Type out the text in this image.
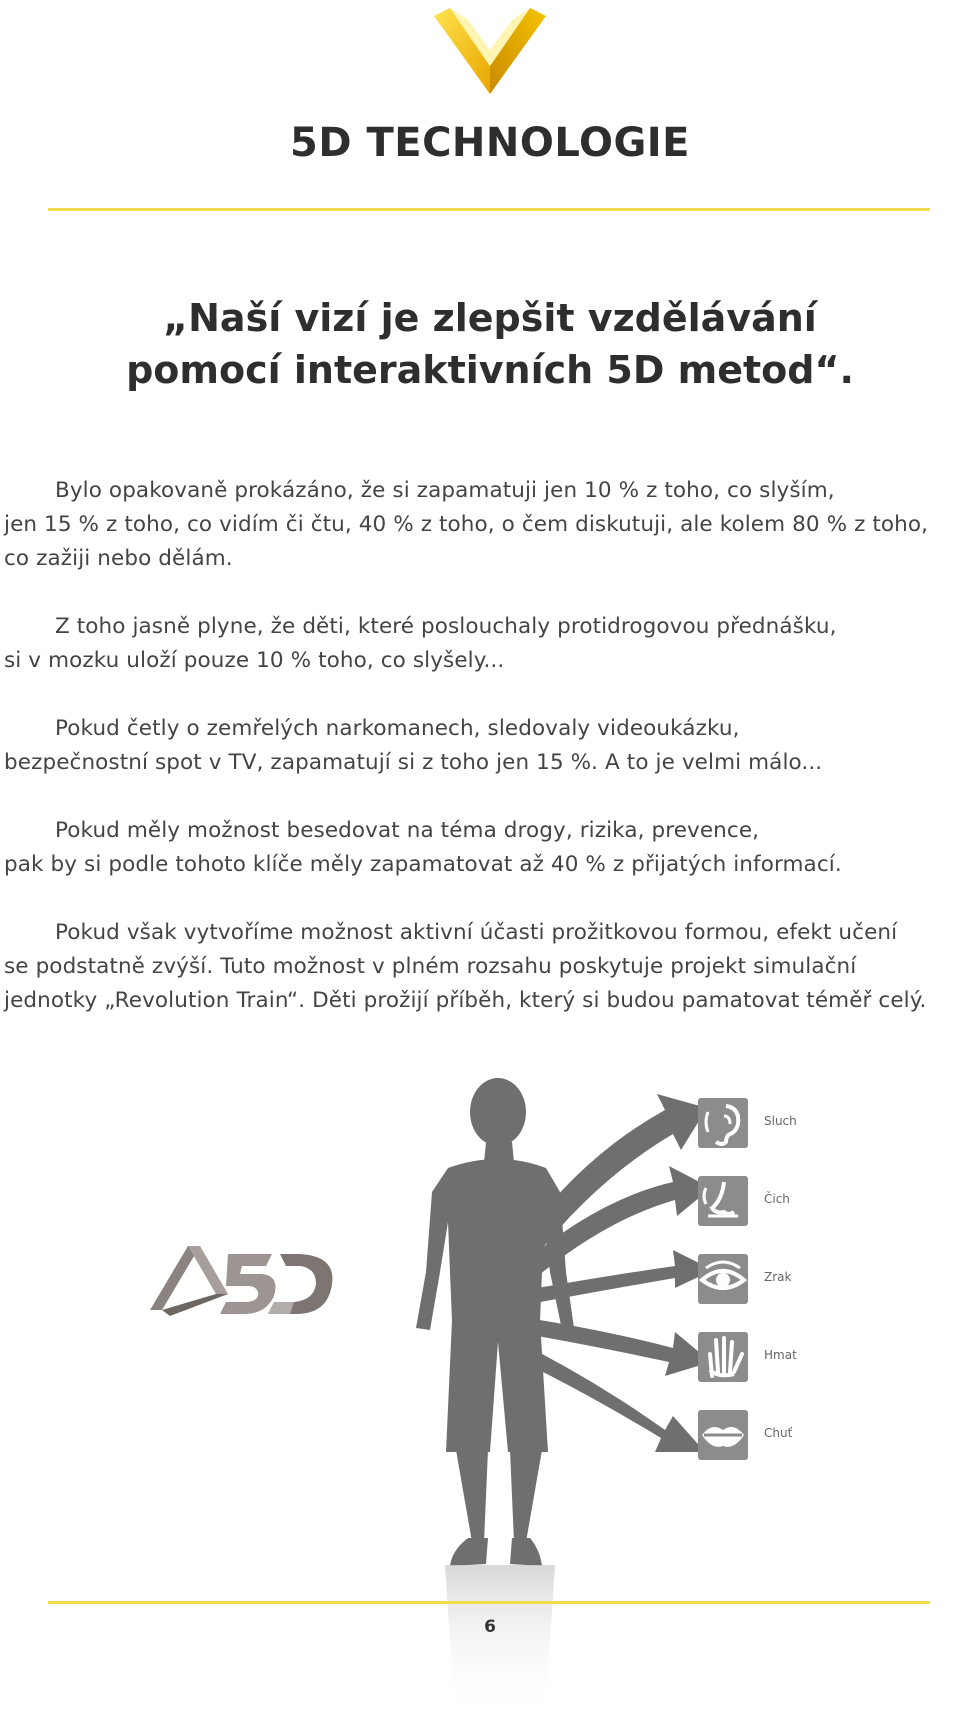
5D TECHNOLOGIE
„Naší vizí je zlepšit vzdělávání
pomocí interaktivních 5D metod“.

Bylo opakovaně prokázáno, že si zapamatuji jen 10 % z toho, co slyším,
jen 15 % z toho, co vidím či čtu, 40 % z toho, o čem diskutuji, ale kolem 80 % z toho,
co zažiji nebo dělám.

Z toho jasně plyne, že děti, které poslouchaly protidrogovou přednášku,
si v mozku uloží pouze 10 % toho, co slyšely...

Pokud četly o zemřelých narkomanech, sledovaly videoukázku,
bezpečnostní spot v TV, zapamatují si z toho jen 15 %. A to je velmi málo...

Pokud měly možnost besedovat na téma drogy, rizika, prevence,
pak by si podle tohoto klíče měly zapamatovat až 40 % z přijatých informací.

Pokud však vytvoříme možnost aktivní účasti prožitkovou formou, efekt učení
se podstatně zvýší. Tuto možnost v plném rozsahu poskytuje projekt simulační
jednotky „Revolution Train“. Děti prožijí příběh, který si budou pamatovat téměř celý.

Sluch
Čich
Zrak
Hmat
Chuť
6
